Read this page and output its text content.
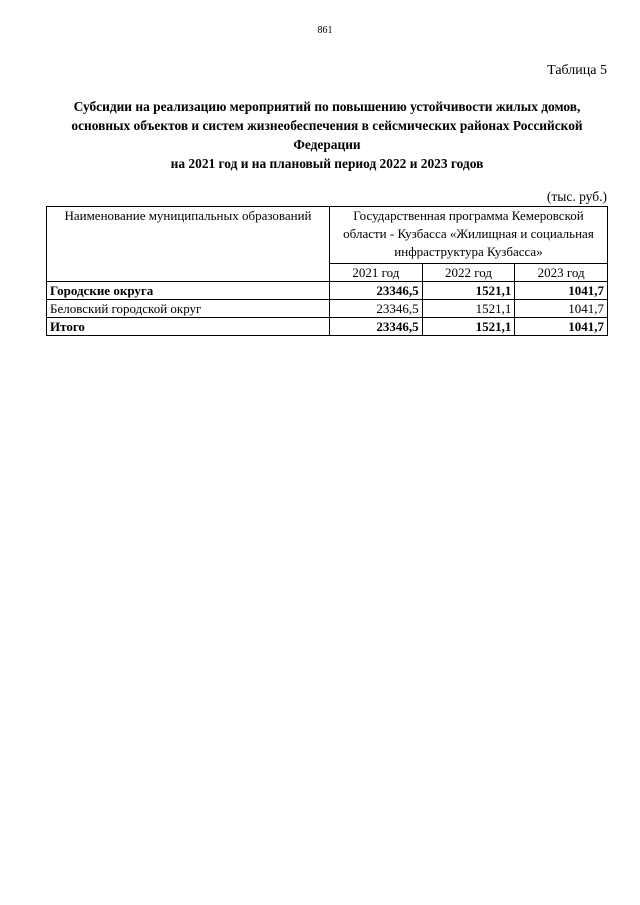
861
Таблица 5
Субсидии на реализацию мероприятий по повышению устойчивости жилых домов,
основных объектов и систем жизнеобеспечения в сейсмических районах Российской
Федерации
на 2021 год и на плановый период 2022 и 2023 годов
(тыс. руб.)
Наименование муниципальных образований	Государственная программа Кемеровской области - Кузбасса «Жилищная и социальная инфраструктура Кузбасса»		
	2021 год	2022 год	2023 год
Городские округа	23346,5	1521,1	1041,7
Беловский городской округ	23346,5	1521,1	1041,7
Итого	23346,5	1521,1	1041,7
